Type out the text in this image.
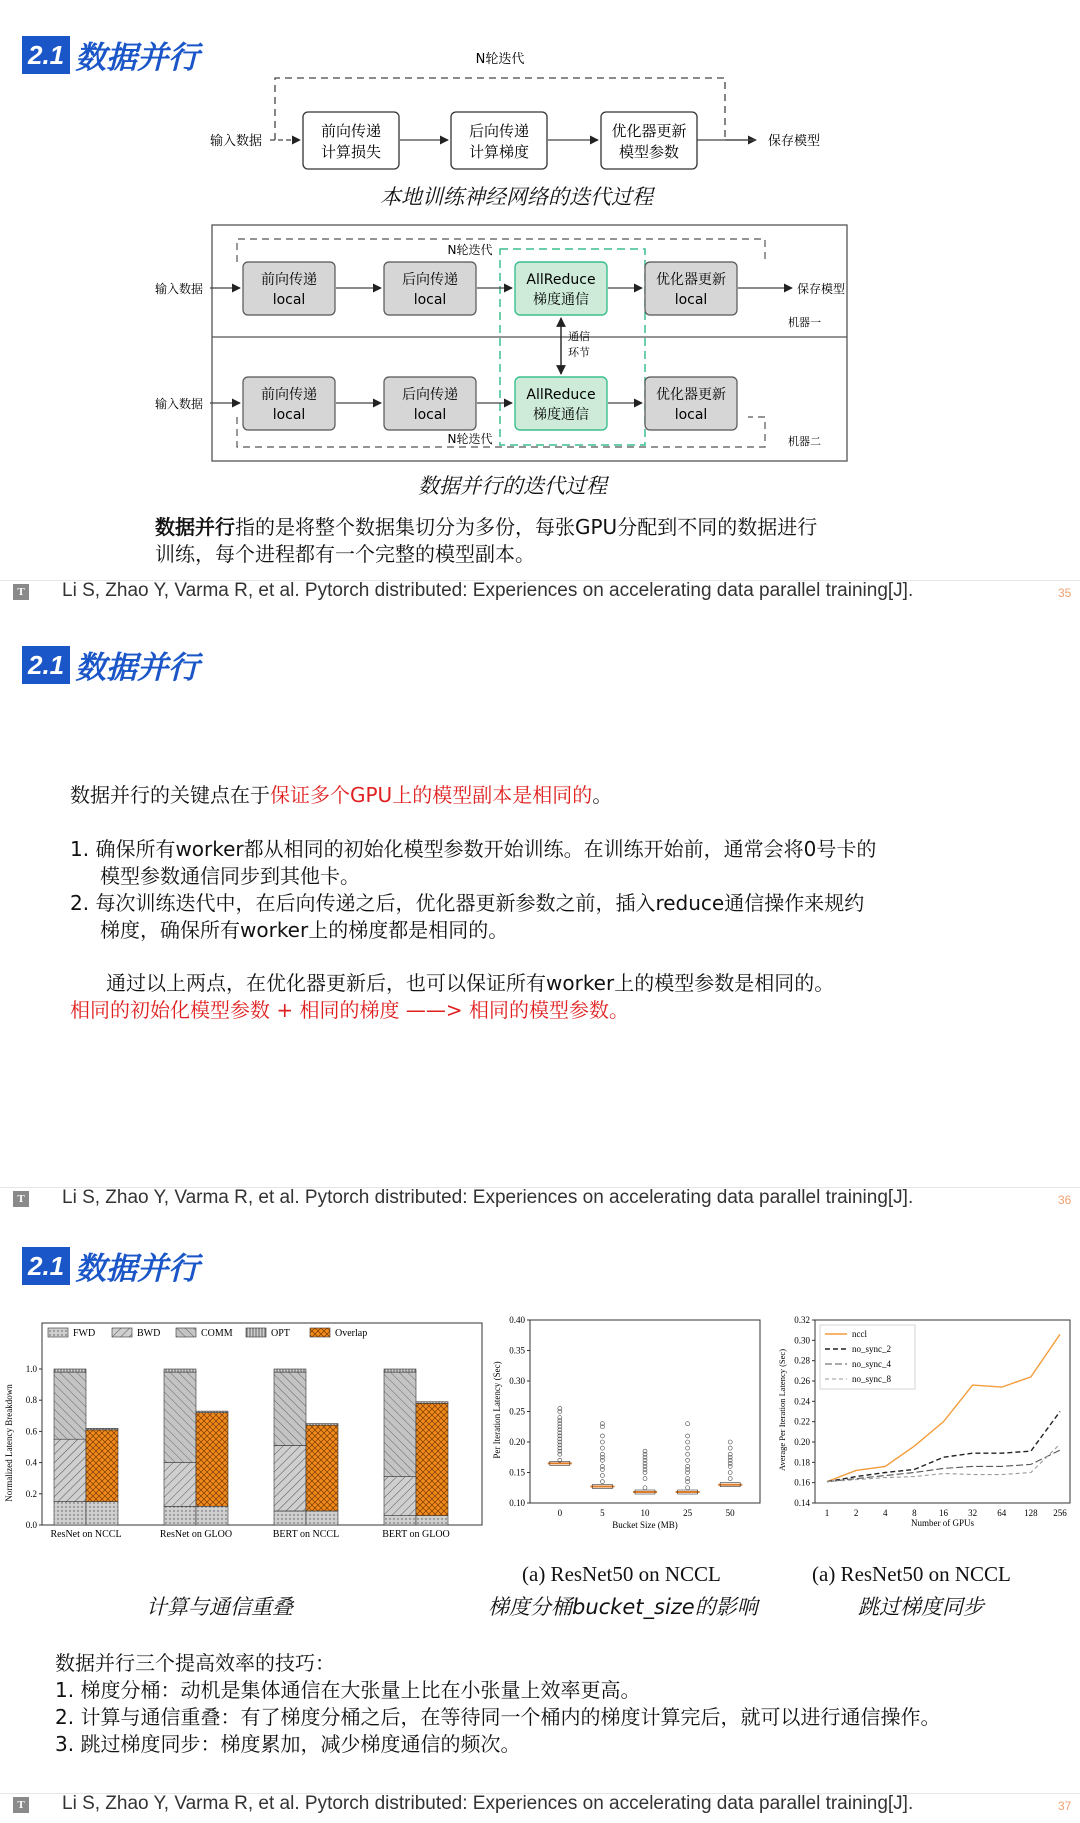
2.1 数据并行	N轮迭代
输入数据
前向传递
计算损失
后向传递
计算梯度
优化器更新
模型参数
保存模型
本地训练神经网络的迭代过程
N轮迭代
N轮迭代
输入数据
前向传递
local
后向传递
local
AllReduce
梯度通信
优化器更新
local
保存模型
机器一
通信
环节
输入数据
前向传递
local
后向传递
local
AllReduce
梯度通信
优化器更新
local
机器二
数据并行的迭代过程
数据并行指的是将整个数据集切分为多份，每张GPU分配到不同的数据进行
训练，每个进程都有一个完整的模型副本。
T Li S, Zhao Y, Varma R, et al. Pytorch distributed: Experiences on accelerating data parallel training[J].	35
2.1 数据并行
数据并行的关键点在于保证多个GPU上的模型副本是相同的。
1. 确保所有worker都从相同的初始化模型参数开始训练。在训练开始前，通常会将0号卡的
模型参数通信同步到其他卡。
2. 每次训练迭代中，在后向传递之后，优化器更新参数之前，插入reduce通信操作来规约
梯度，确保所有worker上的梯度都是相同的。
通过以上两点，在优化器更新后，也可以保证所有worker上的模型参数是相同的。
相同的初始化模型参数 + 相同的梯度 ——> 相同的模型参数。
T Li S, Zhao Y, Varma R, et al. Pytorch distributed: Experiences on accelerating data parallel training[J].	36
2.1 数据并行
0.0
0.2
0.4
0.6
0.8
1.0
Normalized Latency Breakdown
FWD	BWD	COMM	OPT	Overlap
ResNet on NCCL	ResNet on GLOO	BERT on NCCL	BERT on GLOO
0.10
0.15
0.20
0.25
0.30
0.35
0.40
Per Iteration Latency (Sec)
Bucket Size (MB)
0	5	10	25	50
0.14
0.16
0.18
0.20
0.22
0.24
0.26
0.28
0.30
0.32
1	2	4	8 16 32 64 128 256
Average Per Iteration Latency (Sec)
Number of GPUs
nccl
no_sync_2
no_sync_4
no_sync_8
(a) ResNet50 on NCCL	(a) ResNet50 on NCCL
计算与通信重叠	梯度分桶bucket_size的影响	跳过梯度同步
数据并行三个提高效率的技巧：
1. 梯度分桶：动机是集体通信在大张量上比在小张量上效率更高。
2. 计算与通信重叠：有了梯度分桶之后，在等待同一个桶内的梯度计算完后，就可以进行通信操作。
3. 跳过梯度同步：梯度累加，减少梯度通信的频次。
T Li S, Zhao Y, Varma R, et al. Pytorch distributed: Experiences on accelerating data parallel training[J].	37
